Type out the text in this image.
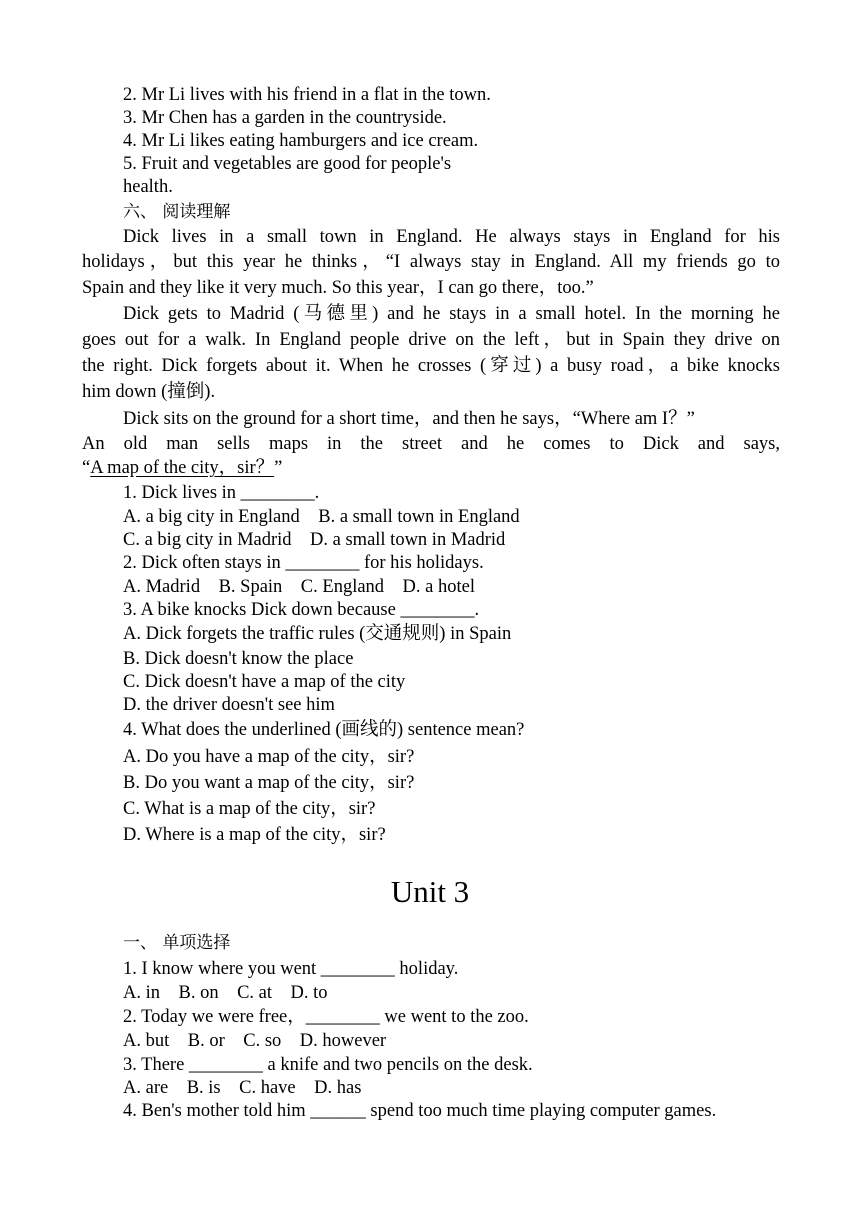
2. Mr Li lives with his friend in a flat in the town.
3. Mr Chen has a garden in the countryside.
4. Mr Li likes eating hamburgers and ice cream.
5. Fruit and vegetables are good for people's
health.
六、 阅读理解
Dick lives in a small town in England. He always stays in England for his
holidays，but this year he thinks，“I always stay in England. All my friends go to
Spain and they like it very much. So this year，I can go there，too.”
Dick gets to Madrid (马德里) and he stays in a small hotel. In the morning he
goes out for a walk. In England people drive on the left，but in Spain they drive on
the right. Dick forgets about it. When he crosses (穿过) a busy road，a bike knocks
him down (撞倒).
Dick sits on the ground for a short time，and then he says，“Where am I？”
An old man sells maps in the street and he comes to Dick and says,
“A map of the city，sir？”
1. Dick lives in ________.
A. a big city in England    B. a small town in England
C. a big city in Madrid    D. a small town in Madrid
2. Dick often stays in ________ for his holidays.
A. Madrid    B. Spain    C. England    D. a hotel
3. A bike knocks Dick down because ________.
A. Dick forgets the traffic rules (交通规则) in Spain
B. Dick doesn't know the place
C. Dick doesn't have a map of the city
D. the driver doesn't see him
4. What does the underlined (画线的) sentence mean?
A. Do you have a map of the city，sir?
B. Do you want a map of the city，sir?
C. What is a map of the city，sir?
D. Where is a map of the city，sir?
Unit 3
一、 单项选择
1. I know where you went ________ holiday.
A. in    B. on    C. at    D. to
2. Today we were free，________ we went to the zoo.
A. but    B. or    C. so    D. however
3. There ________ a knife and two pencils on the desk.
A. are    B. is    C. have    D. has
4. Ben's mother told him ______ spend too much time playing computer games.
